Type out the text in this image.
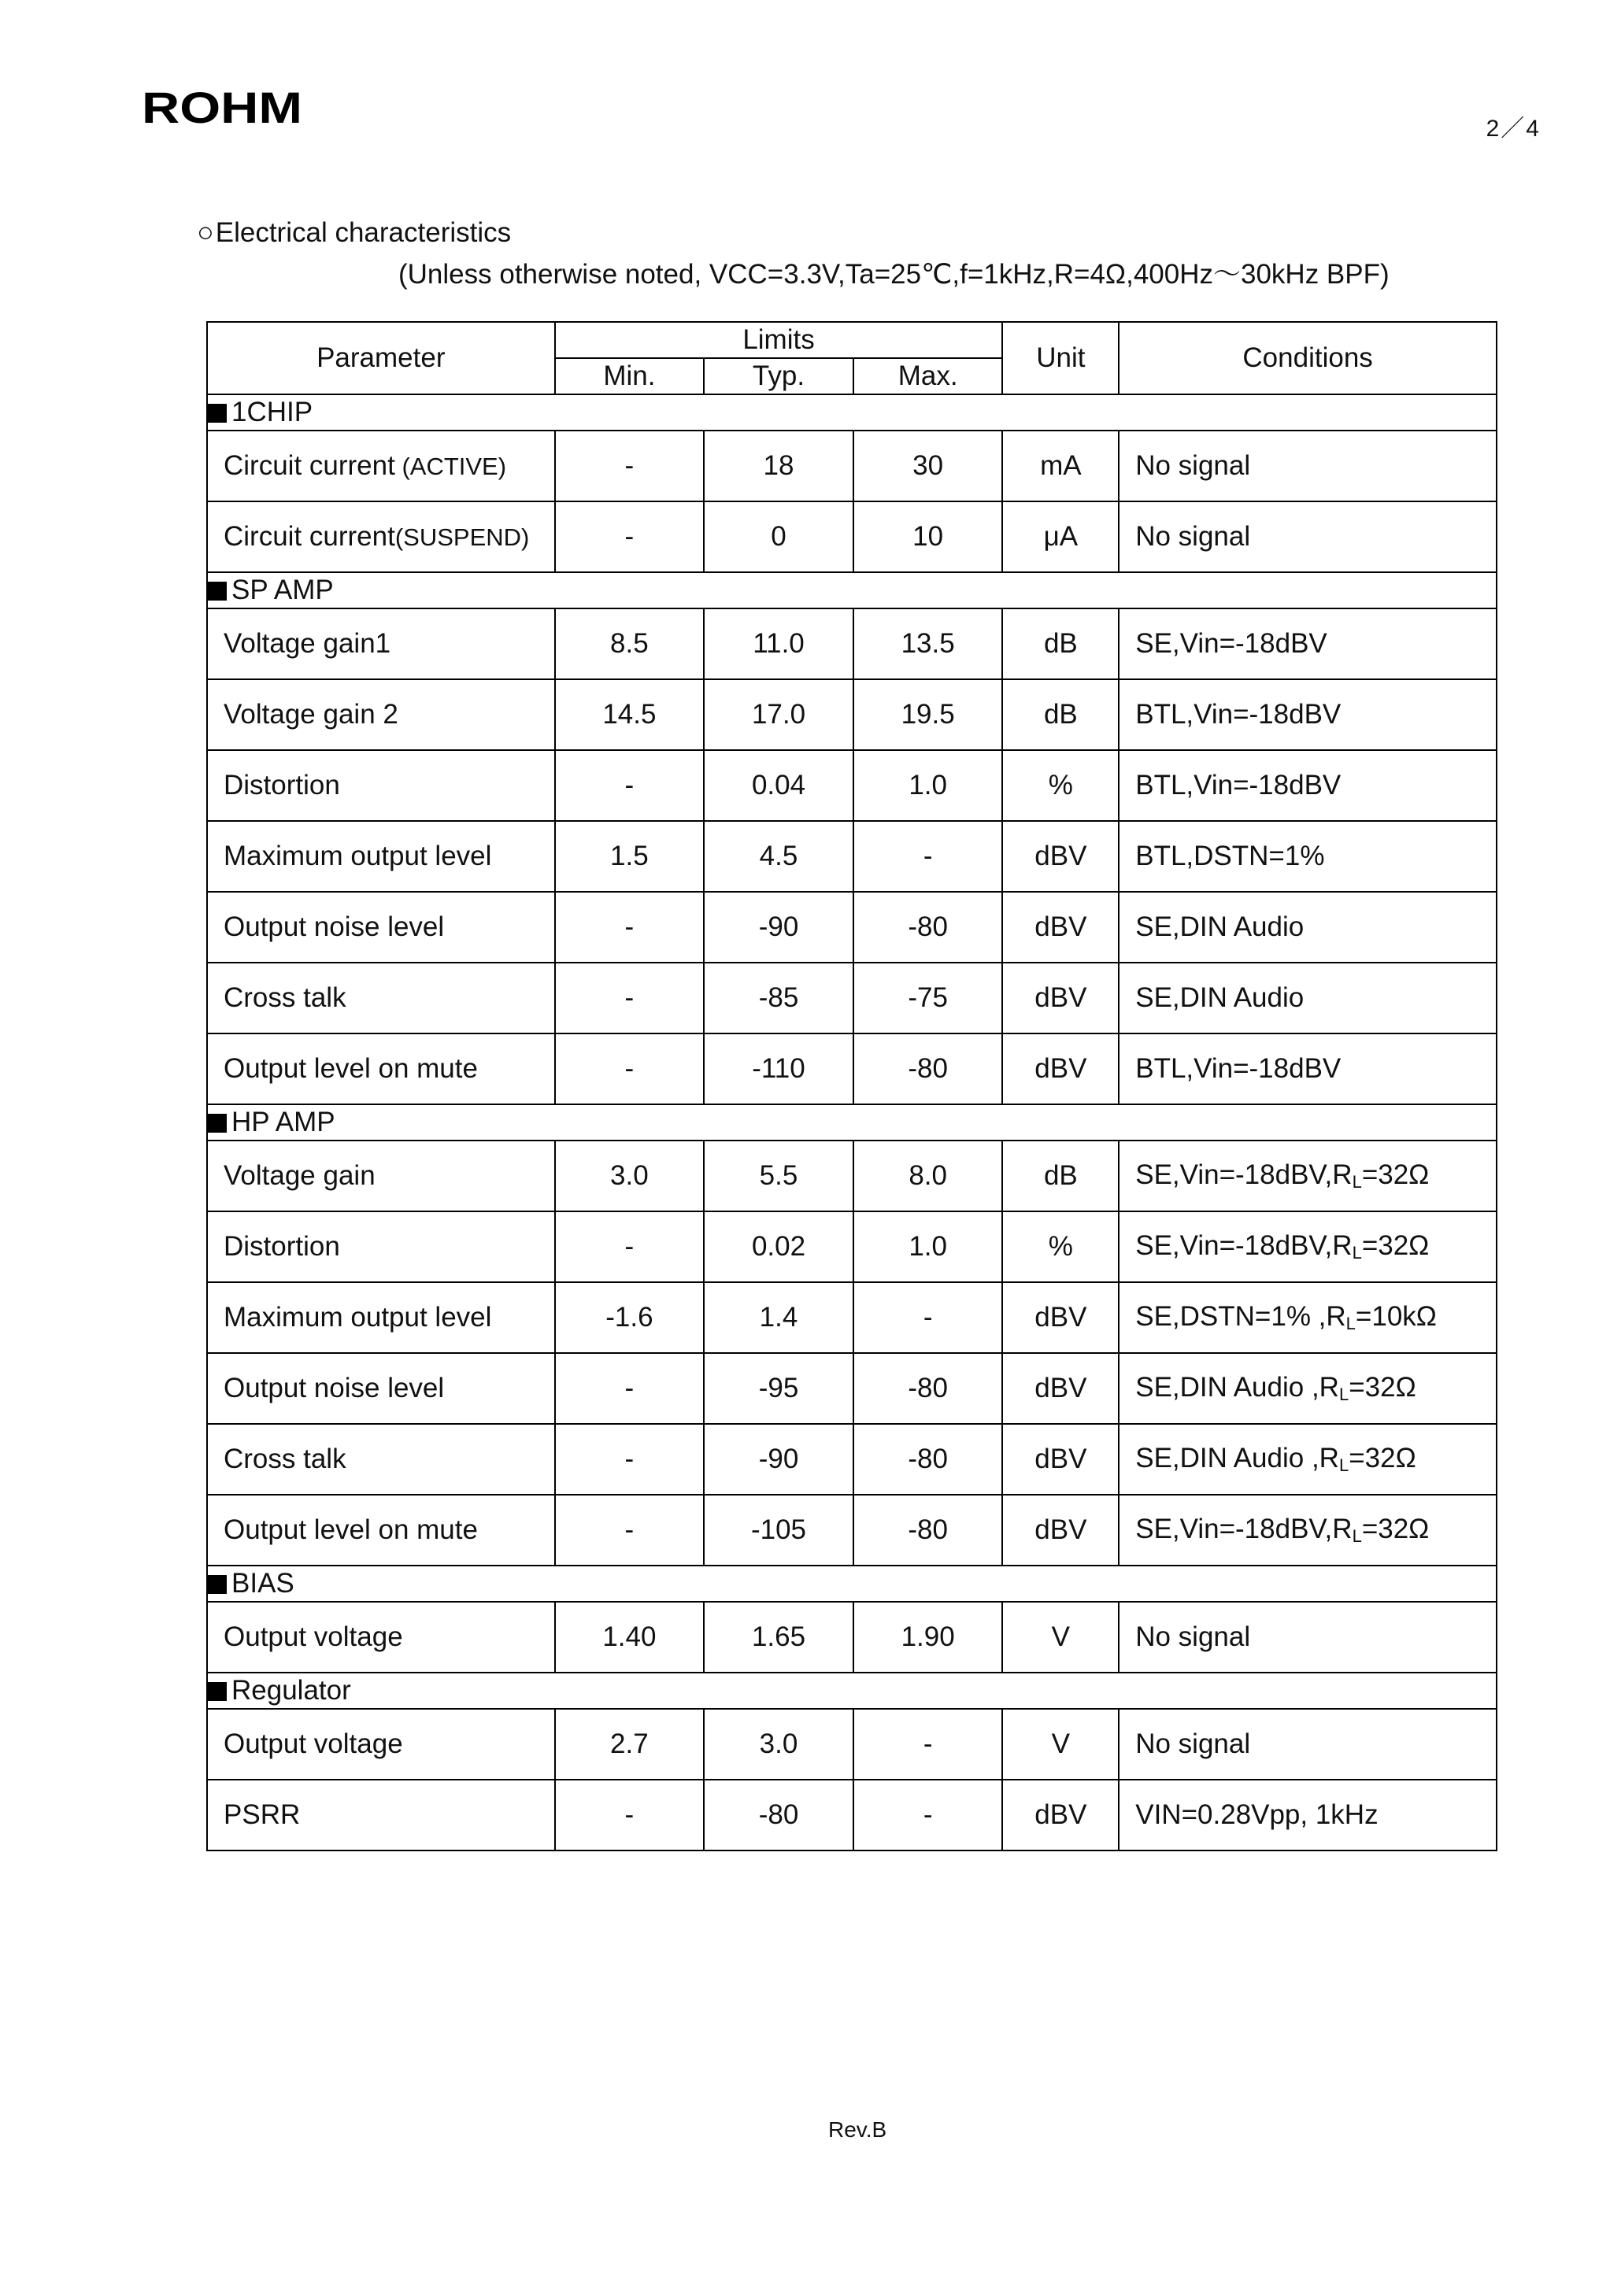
ROHM	2／4
○Electrical characteristics
(Unless otherwise noted, VCC=3.3V,Ta=25℃,f=1kHz,R=4Ω,400Hz～30kHz BPF)
Parameter	Limits			Unit	Conditions
	Min.	Typ.	Max.		
1CHIP					
Circuit current (ACTIVE)	-	18	30	mA	No signal
Circuit current(SUSPEND)	-	0	10	μA	No signal
SP AMP					
Voltage gain1	8.5	11.0	13.5	dB	SE,Vin=-18dBV
Voltage gain 2	14.5	17.0	19.5	dB	BTL,Vin=-18dBV
Distortion	-	0.04	1.0	%	BTL,Vin=-18dBV
Maximum output level	1.5	4.5	-	dBV	BTL,DSTN=1%
Output noise level	-	-90	-80	dBV	SE,DIN Audio
Cross talk	-	-85	-75	dBV	SE,DIN Audio
Output level on mute	-	-110	-80	dBV	BTL,Vin=-18dBV
HP AMP					
Voltage gain	3.0	5.5	8.0	dB	$SE,Vin=-18dBV,R_L=32\Omega$
Distortion	-	0.02	1.0	%	$SE,Vin=-18dBV,R_L=32\Omega$
Maximum output level	-1.6	1.4	-	dBV	SE,DSTN=1% $,R_L=10k\Omega$
Output noise level	-	-95	-80	dBV	SE,DIN Audio $,R_L=32\Omega$
Cross talk	-	-90	-80	dBV	SE,DIN Audio $,R_L=32\Omega$
Output level on mute	-	-105	-80	dBV	$SE,Vin=-18dBV,R_L=32\Omega$
BIAS					
Output voltage	1.40	1.65	1.90	V	No signal
Regulator					
Output voltage	2.7	3.0	-	V	No signal
PSRR	-	-80	-	dBV	VIN=0.28Vpp, 1kHz
Rev.B
